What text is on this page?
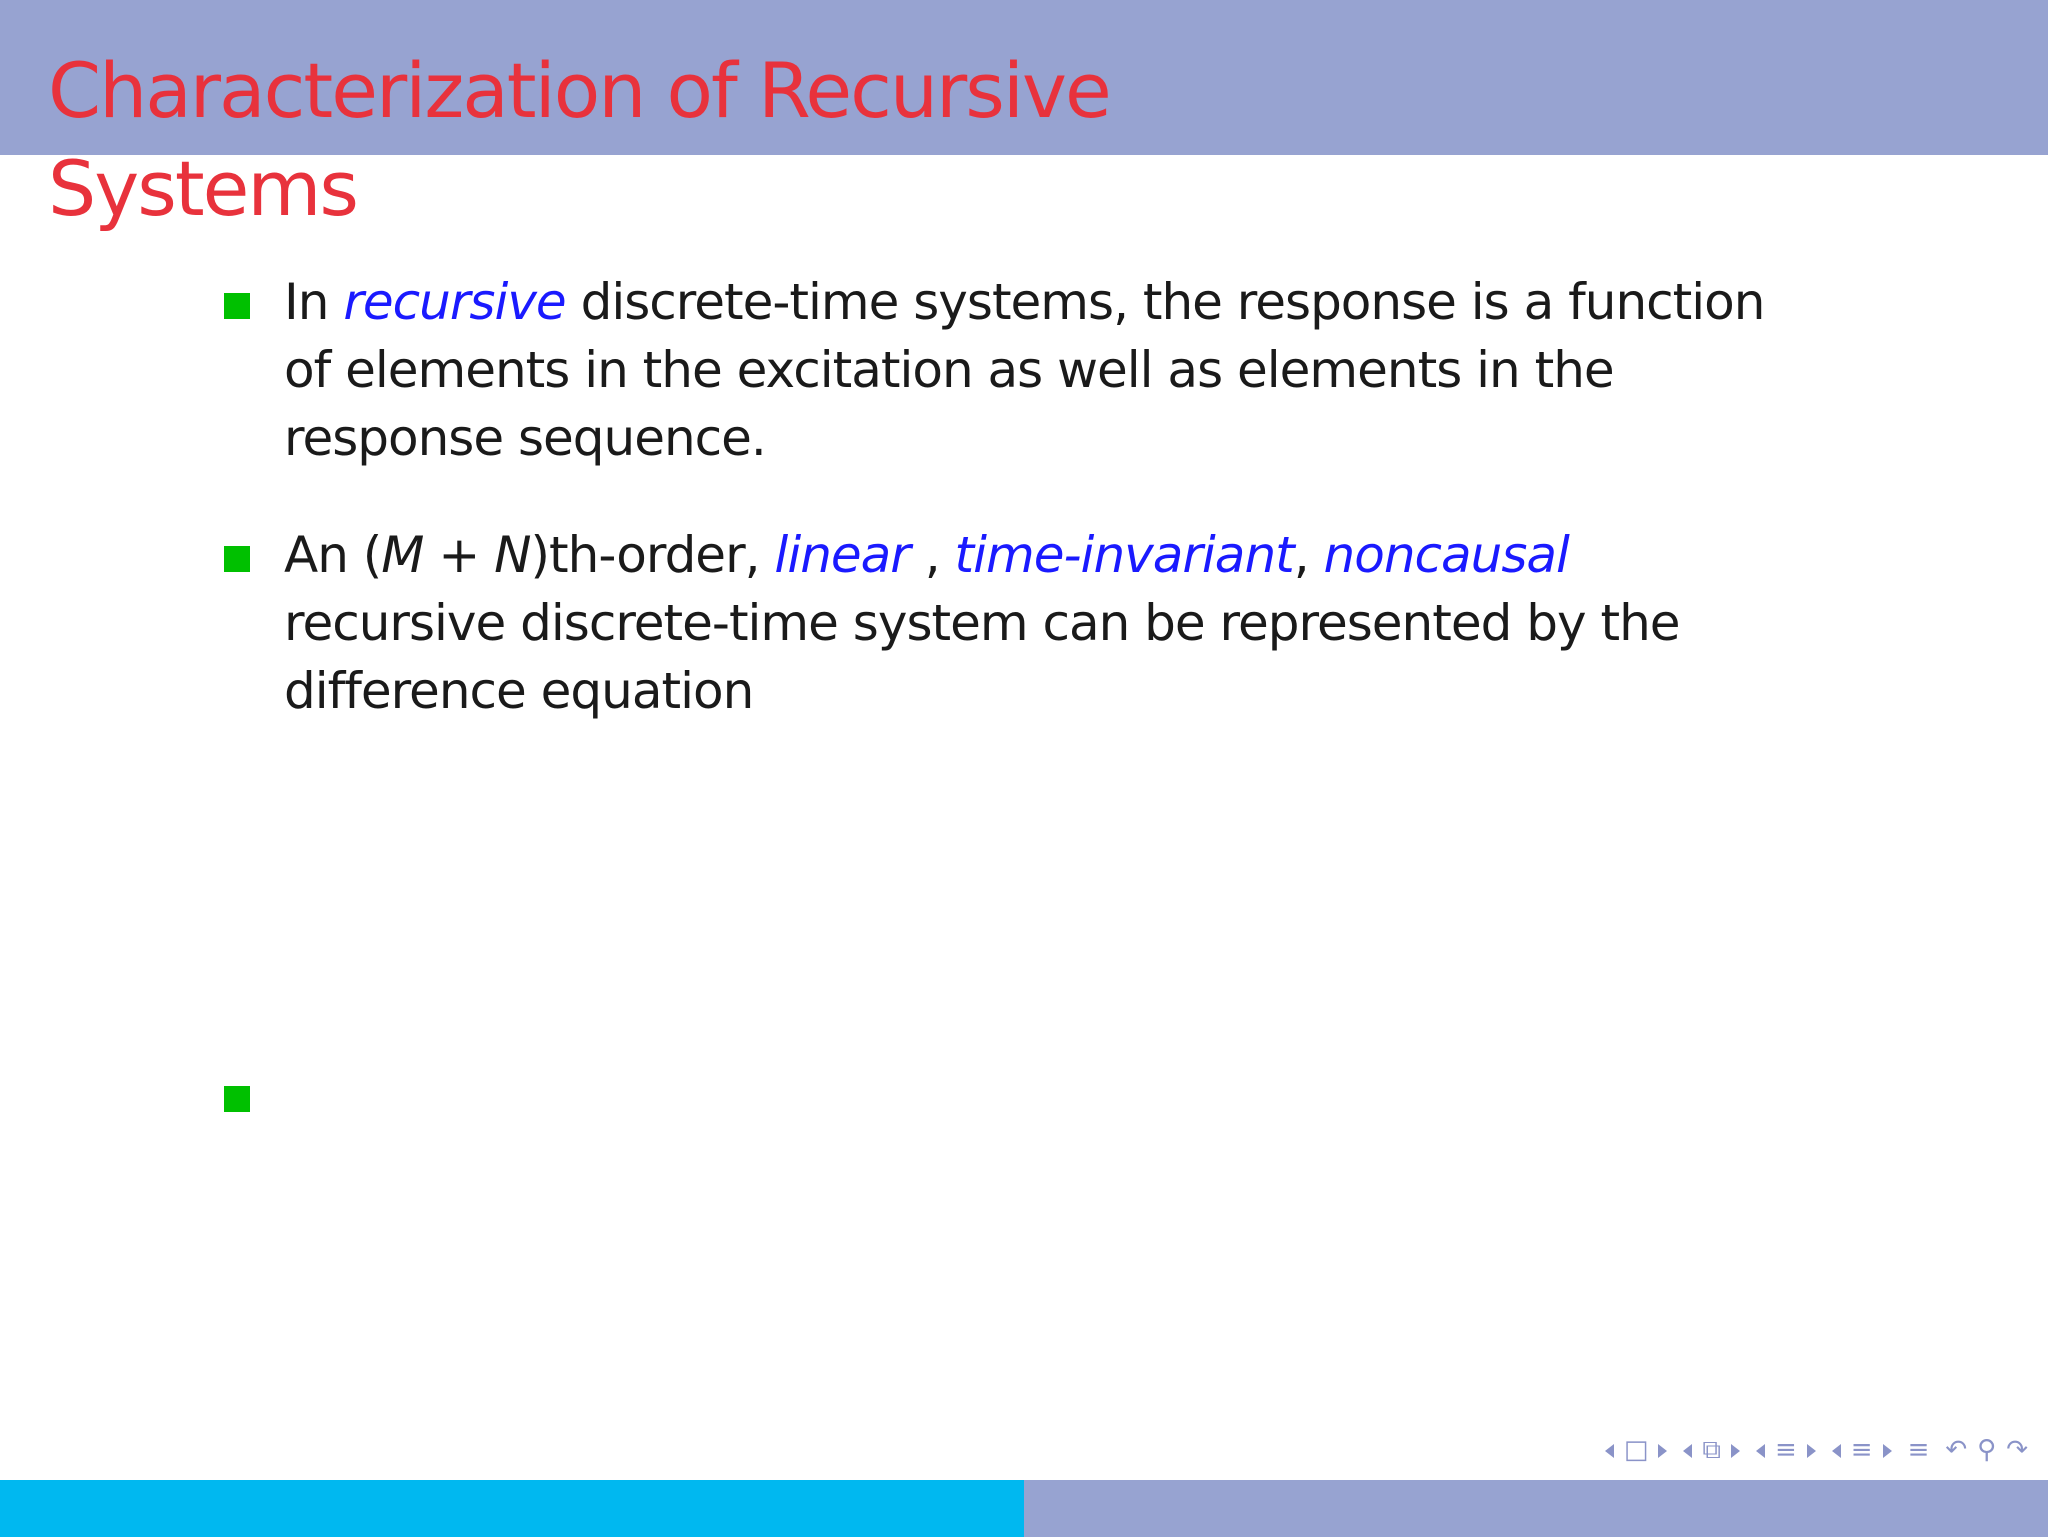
Characterization of Recursive Systems

In recursive discrete-time systems, the response is a function of elements in the excitation as well as elements in the response sequence.

An (M + N)th-order, linear , time-invariant, noncausal recursive discrete-time system can be represented by the difference equation

□ ⧉ ≡ ≡ ≡ ↶ ⚲ ↷
